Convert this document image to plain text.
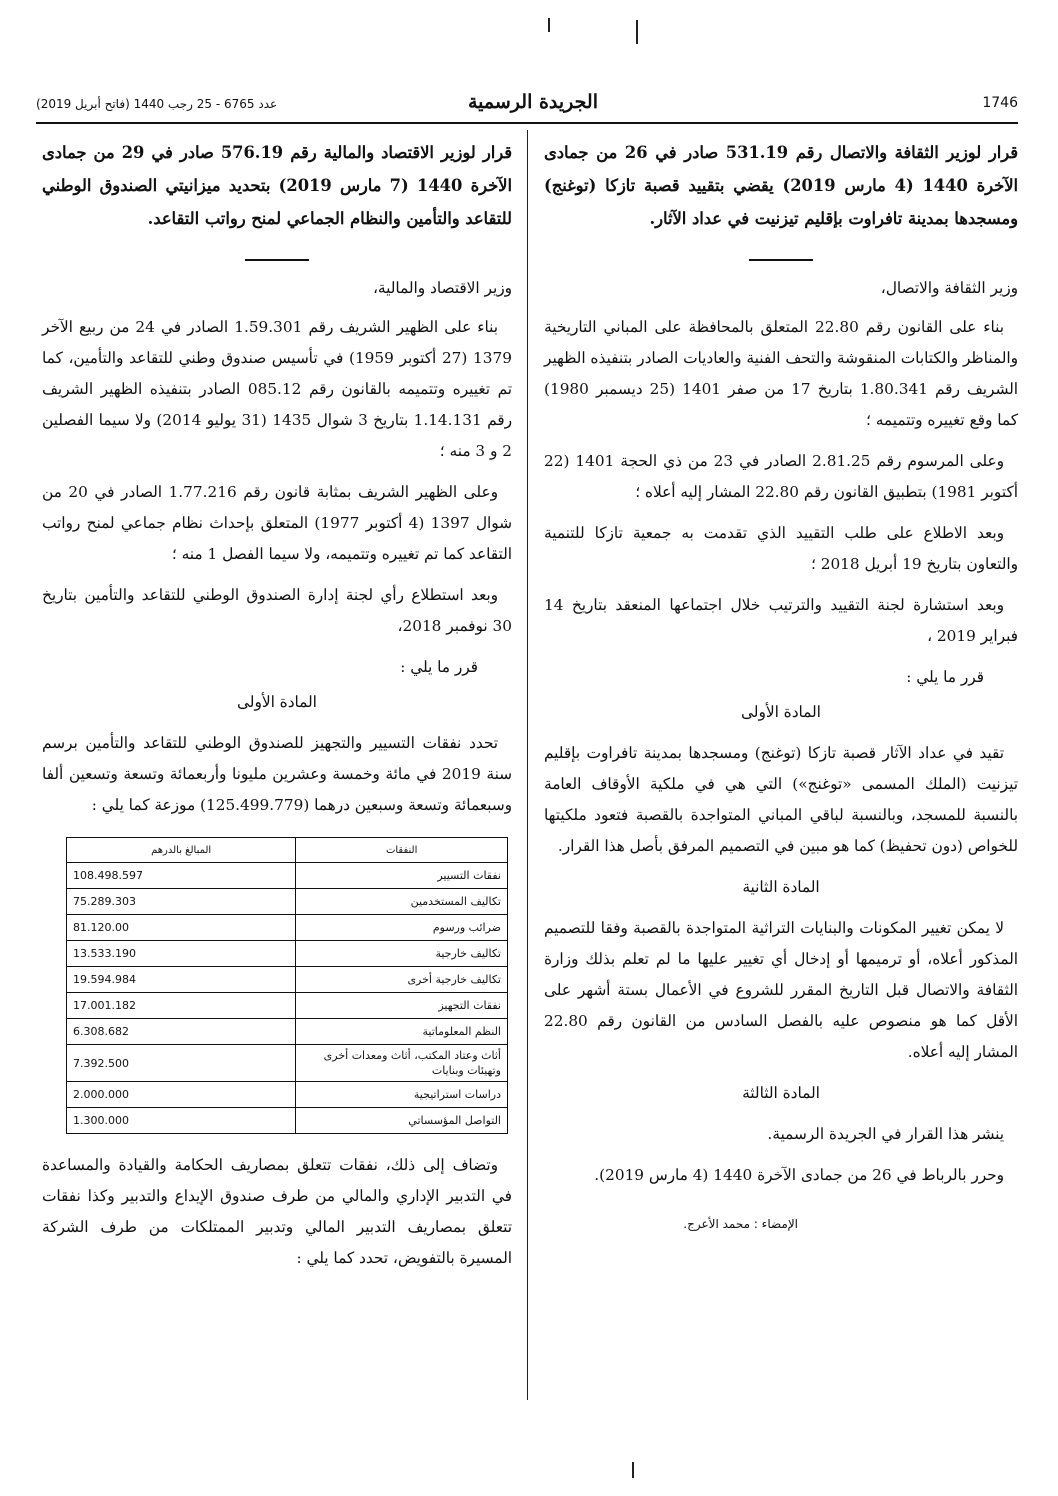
1746
الجريدة الرسمية
عدد 6765 - 25 رجب 1440 (فاتح أبريل 2019)
قرار لوزير الثقافة والاتصال رقم 531.19 صادر في 26 من جمادى الآخرة 1440 (4 مارس 2019) يقضي بتقييد قصبة تازكا (توغنج) ومسجدها بمدينة تافراوت بإقليم تيزنيت في عداد الآثار.
وزير الثقافة والاتصال،

بناء على القانون رقم 22.80 المتعلق بالمحافظة على المباني التاريخية والمناظر والكتابات المنقوشة والتحف الفنية والعاديات الصادر بتنفيذه الظهير الشريف رقم 1.80.341 بتاريخ 17 من صفر 1401 (25 ديسمبر 1980) كما وقع تغييره وتتميمه ؛

وعلى المرسوم رقم 2.81.25 الصادر في 23 من ذي الحجة 1401 (22 أكتوبر 1981) بتطبيق القانون رقم 22.80 المشار إليه أعلاه ؛

وبعد الاطلاع على طلب التقييد الذي تقدمت به جمعية تازكا للتنمية والتعاون بتاريخ 19 أبريل 2018 ؛

وبعد استشارة لجنة التقييد والترتيب خلال اجتماعها المنعقد بتاريخ 14 فبراير 2019 ،

قرر ما يلي :
المادة الأولى

تقيد في عداد الآثار قصبة تازكا (توغنج) ومسجدها بمدينة تافراوت بإقليم تيزنيت (الملك المسمى «توغنج») التي هي في ملكية الأوقاف العامة بالنسبة للمسجد، وبالنسبة لباقي المباني المتواجدة بالقصبة فتعود ملكيتها للخواص (دون تحفيظ) كما هو مبين في التصميم المرفق بأصل هذا القرار.

المادة الثانية

لا يمكن تغيير المكونات والبنايات التراثية المتواجدة بالقصبة وفقا للتصميم المذكور أعلاه، أو ترميمها أو إدخال أي تغيير عليها ما لم تعلم بذلك وزارة الثقافة والاتصال قبل التاريخ المقرر للشروع في الأعمال بستة أشهر على الأقل كما هو منصوص عليه بالفصل السادس من القانون رقم 22.80 المشار إليه أعلاه.

المادة الثالثة

ينشر هذا القرار في الجريدة الرسمية.

وحرر بالرباط في 26 من جمادى الآخرة 1440 (4 مارس 2019).

الإمضاء : محمد الأعرج.
قرار لوزير الاقتصاد والمالية رقم 576.19 صادر في 29 من جمادى الآخرة 1440 (7 مارس 2019) بتحديد ميزانيتي الصندوق الوطني للتقاعد والتأمين والنظام الجماعي لمنح رواتب التقاعد.
وزير الاقتصاد والمالية،

بناء على الظهير الشريف رقم 1.59.301 الصادر في 24 من ربيع الآخر 1379 (27 أكتوبر 1959) في تأسيس صندوق وطني للتقاعد والتأمين، كما تم تغييره وتتميمه بالقانون رقم 085.12 الصادر بتنفيذه الظهير الشريف رقم 1.14.131 بتاريخ 3 شوال 1435 (31 يوليو 2014) ولا سيما الفصلين 2 و 3 منه ؛

وعلى الظهير الشريف بمثابة قانون رقم 1.77.216 الصادر في 20 من شوال 1397 (4 أكتوبر 1977) المتعلق بإحداث نظام جماعي لمنح رواتب التقاعد كما تم تغييره وتتميمه، ولا سيما الفصل 1 منه ؛

وبعد استطلاع رأي لجنة إدارة الصندوق الوطني للتقاعد والتأمين بتاريخ 30 نوفمبر 2018،

قرر ما يلي :
المادة الأولى

تحدد نفقات التسيير والتجهيز للصندوق الوطني للتقاعد والتأمين برسم سنة 2019 في مائة وخمسة وعشرين مليونا وأربعمائة وتسعة وتسعين ألفا وسبعمائة وتسعة وسبعين درهما (125.499.779) موزعة كما يلي :

النفقات	المبالغ بالدرهم
نفقات التسيير	108.498.597
تكاليف المستخدمين	75.289.303
ضرائب ورسوم	81.120.00
تكاليف خارجية	13.533.190
تكاليف خارجية أخرى	19.594.984
نفقات التجهيز	17.001.182
النظم المعلوماتية	6.308.682
أثاث وعتاد المكتب، أثاث ومعدات أخرى وتهيئات وبنايات	7.392.500
دراسات استراتيجية	2.000.000
التواصل المؤسساتي	1.300.000

وتضاف إلى ذلك، نفقات تتعلق بمصاريف الحكامة والقيادة والمساعدة في التدبير الإداري والمالي من طرف صندوق الإيداع والتدبير وكذا نفقات تتعلق بمصاريف التدبير المالي وتدبير الممتلكات من طرف الشركة المسيرة بالتفويض، تحدد كما يلي :
